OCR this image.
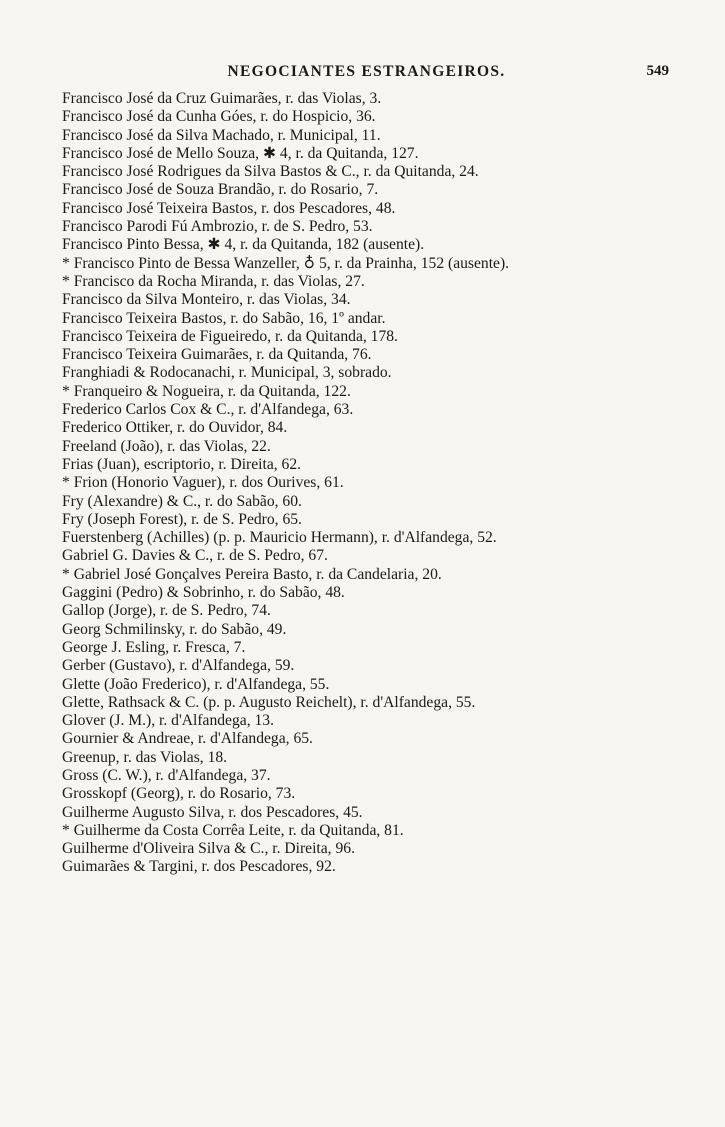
NEGOCIANTES ESTRANGEIROS.	549
Francisco José da Cruz Guimarães, r. das Violas, 3.
Francisco José da Cunha Góes, r. do Hospicio, 36.
Francisco José da Silva Machado, r. Municipal, 11.
Francisco José de Mello Souza, ✱ 4, r. da Quitanda, 127.
Francisco José Rodrigues da Silva Bastos & C., r. da Quitanda, 24.
Francisco José de Souza Brandão, r. do Rosario, 7.
Francisco José Teixeira Bastos, r. dos Pescadores, 48.
Francisco Parodi Fú Ambrozio, r. de S. Pedro, 53.
Francisco Pinto Bessa, ✱ 4, r. da Quitanda, 182 (ausente).
* Francisco Pinto de Bessa Wanzeller, ♁ 5, r. da Prainha, 152 (ausente).
* Francisco da Rocha Miranda, r. das Violas, 27.
Francisco da Silva Monteiro, r. das Violas, 34.
Francisco Teixeira Bastos, r. do Sabão, 16, 1º andar.
Francisco Teixeira de Figueiredo, r. da Quitanda, 178.
Francisco Teixeira Guimarães, r. da Quitanda, 76.
Franghiadi & Rodocanachi, r. Municipal, 3, sobrado.
* Franqueiro & Nogueira, r. da Quitanda, 122.
Frederico Carlos Cox & C., r. d'Alfandega, 63.
Frederico Ottiker, r. do Ouvidor, 84.
Freeland (João), r. das Violas, 22.
Frias (Juan), escriptorio, r. Direita, 62.
* Frion (Honorio Vaguer), r. dos Ourives, 61.
Fry (Alexandre) & C., r. do Sabão, 60.
Fry (Joseph Forest), r. de S. Pedro, 65.
Fuerstenberg (Achilles) (p. p. Mauricio Hermann), r. d'Alfandega, 52.
Gabriel G. Davies & C., r. de S. Pedro, 67.
* Gabriel José Gonçalves Pereira Basto, r. da Candelaria, 20.
Gaggini (Pedro) & Sobrinho, r. do Sabão, 48.
Gallop (Jorge), r. de S. Pedro, 74.
Georg Schmilinsky, r. do Sabão, 49.
George J. Esling, r. Fresca, 7.
Gerber (Gustavo), r. d'Alfandega, 59.
Glette (João Frederico), r. d'Alfandega, 55.
Glette, Rathsack & C. (p. p. Augusto Reichelt), r. d'Alfandega, 55.
Glover (J. M.), r. d'Alfandega, 13.
Gournier & Andreae, r. d'Alfandega, 65.
Greenup, r. das Violas, 18.
Gross (C. W.), r. d'Alfandega, 37.
Grosskopf (Georg), r. do Rosario, 73.
Guilherme Augusto Silva, r. dos Pescadores, 45.
* Guilherme da Costa Corrêa Leite, r. da Quitanda, 81.
Guilherme d'Oliveira Silva & C., r. Direita, 96.
Guimarães & Targini, r. dos Pescadores, 92.
